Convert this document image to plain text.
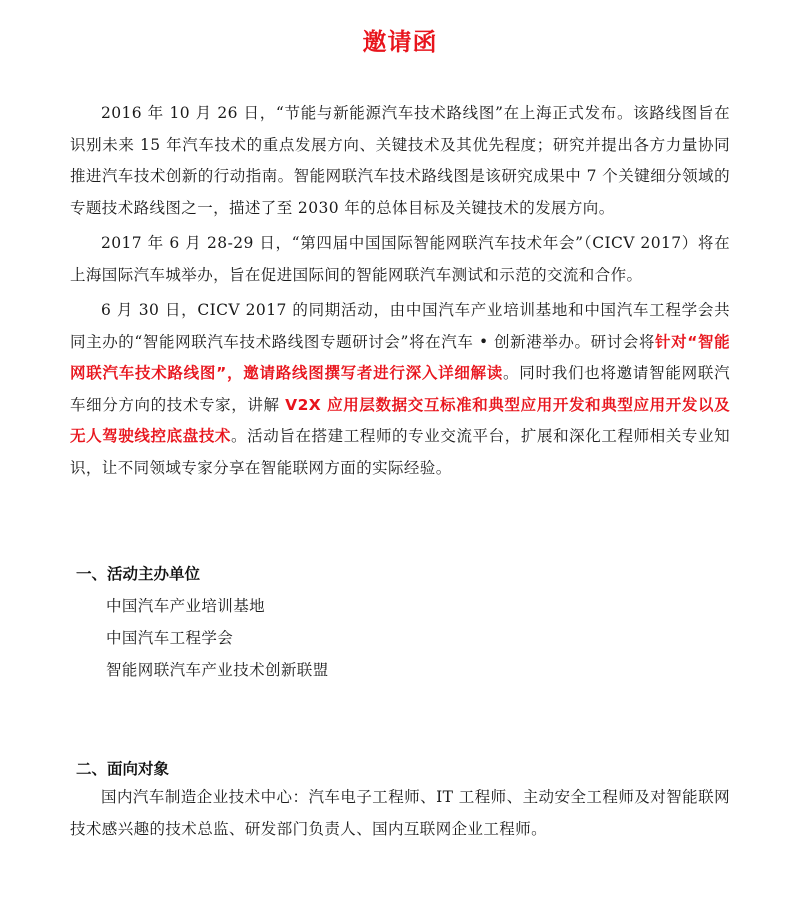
邀请函

2016 年 10 月 26 日，“节能与新能源汽车技术路线图”在上海正式发布。该路线图旨在识别未来 15 年汽车技术的重点发展方向、关键技术及其优先程度；研究并提出各方力量协同推进汽车技术创新的行动指南。智能网联汽车技术路线图是该研究成果中 7 个关键细分领域的专题技术路线图之一，描述了至 2030 年的总体目标及关键技术的发展方向。

2017 年 6 月 28-29 日，“第四届中国国际智能网联汽车技术年会”（CICV 2017）将在上海国际汽车城举办，旨在促进国际间的智能网联汽车测试和示范的交流和合作。

6 月 30 日，CICV 2017 的同期活动，由中国汽车产业培训基地和中国汽车工程学会共同主办的“智能网联汽车技术路线图专题研讨会”将在汽车 • 创新港举办。研讨会将针对“智能网联汽车技术路线图”，邀请路线图撰写者进行深入详细解读。同时我们也将邀请智能网联汽车细分方向的技术专家，讲解 V2X 应用层数据交互标准和典型应用开发和典型应用开发以及无人驾驶线控底盘技术。活动旨在搭建工程师的专业交流平台，扩展和深化工程师相关专业知识，让不同领域专家分享在智能联网方面的实际经验。

一、活动主办单位
中国汽车产业培训基地
中国汽车工程学会
智能网联汽车产业技术创新联盟
二、面向对象

国内汽车制造企业技术中心：汽车电子工程师、IT 工程师、主动安全工程师及对智能联网技术感兴趣的技术总监、研发部门负责人、国内互联网企业工程师。
